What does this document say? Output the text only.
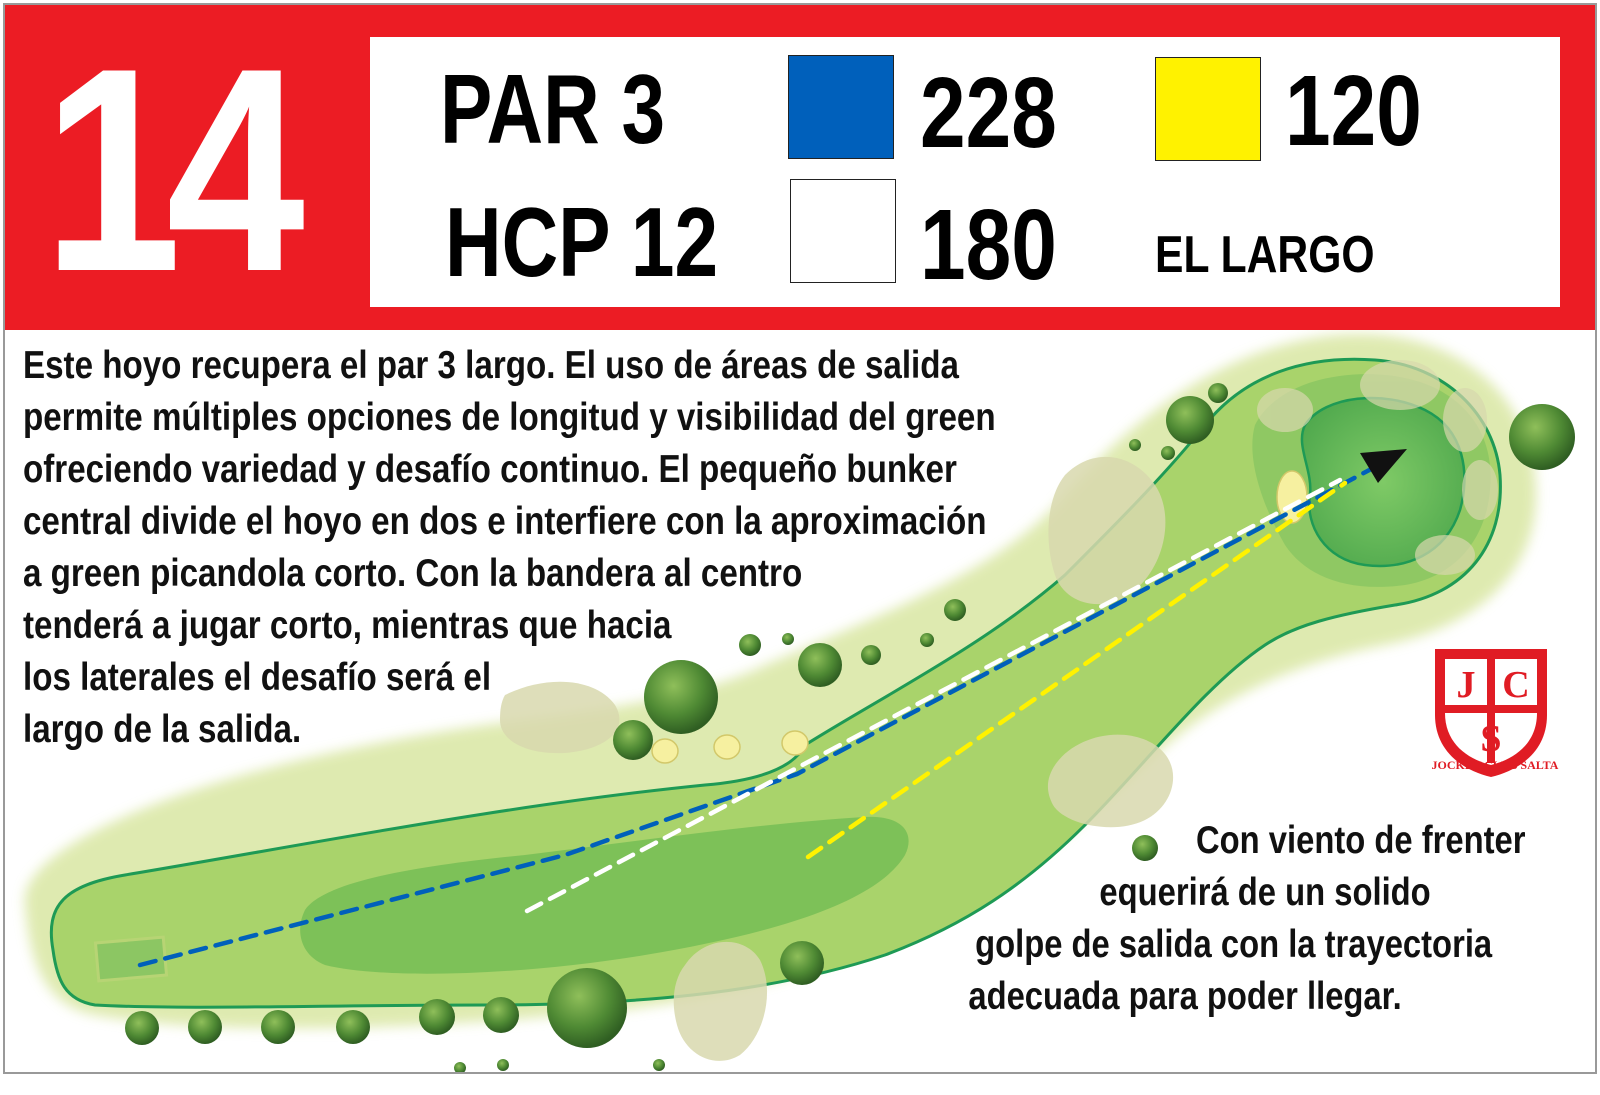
14 PAR 3
HCP 12
228
180
120
EL LARGO
Este hoyo recupera el par 3 largo. El uso de áreas de salida
permite múltiples opciones de longitud y visibilidad del green
ofreciendo variedad y desafío continuo. El pequeño bunker
central divide el hoyo en dos e interfiere con la aproximación
a green picandola corto. Con la bandera al centro
tenderá a jugar corto, mientras que hacia
los laterales el desafío será el
largo de la salida.
Con viento de frenter
equerirá de un solido
golpe de salida con la trayectoria
adecuada para poder llegar.
J C
S
JOCKEY CLUB SALTA
